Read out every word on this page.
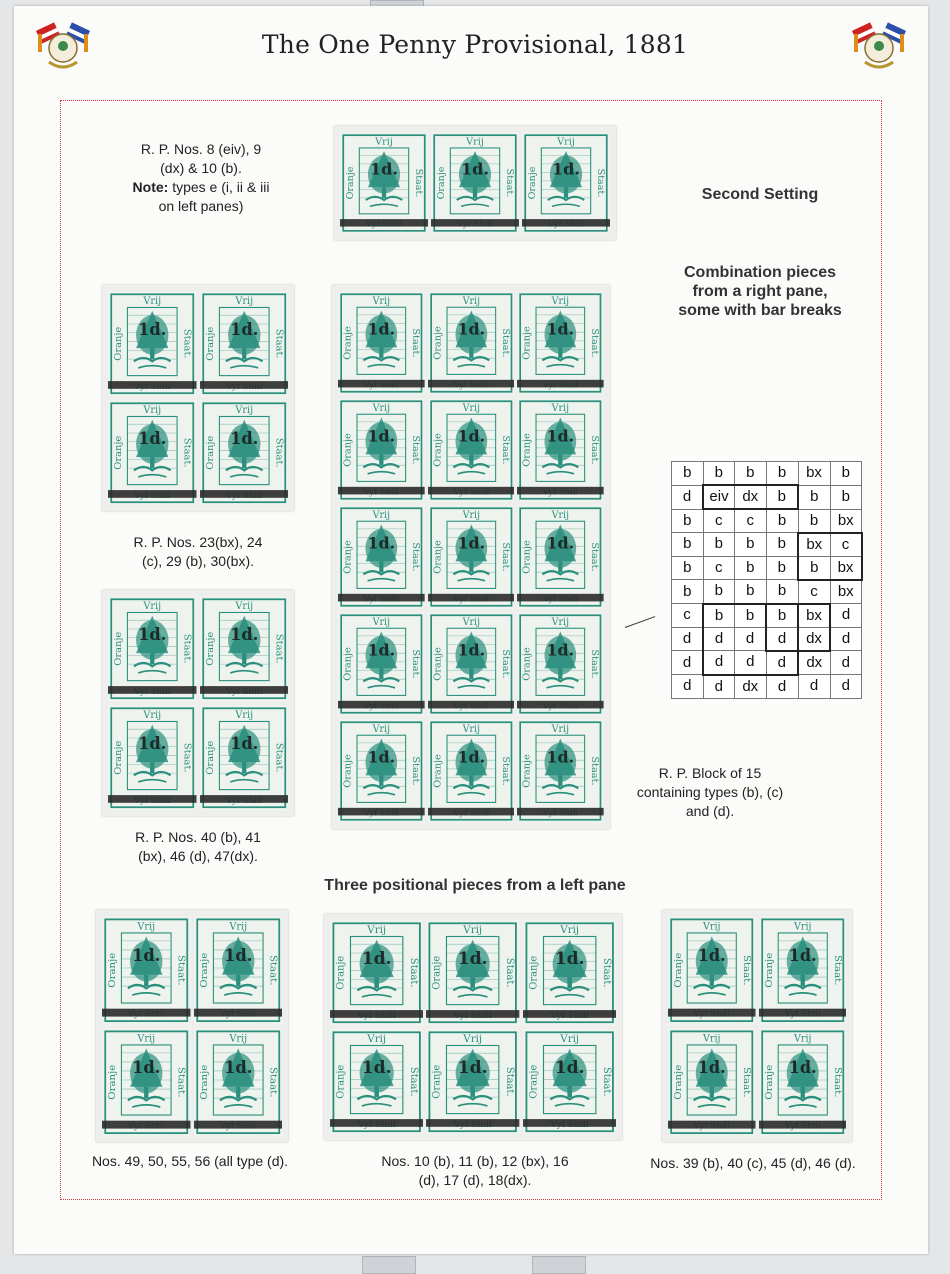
The One Penny Provisional, 1881
R. P. Nos. 8 (eiv), 9
(dx) & 10 (b).
Note: types e (i, ii & iii
on left panes)
Second Setting
Combination pieces
from a right pane,
some with bar breaks
Vrij
Oranje	Staat.
1d.
Vrij
Oranje	Staat.
1d.
Vrij
Oranje	Staat.
1d.
Vrij
Oranje	Staat.
1d.
Vrij
Oranje	Staat.
1d.
Vrij
Oranje	Staat.
1d.
Vrij
Oranje	Staat.
1d.
Vrij
Oranje	Staat.
1d.
Vrij
Oranje	Staat.
1d.
Vrij
Oranje	Staat.
1d.
Vrij
Oranje	Staat.
1d.
Vrij
Oranje	Staat.
1d.
Vrij
Oranje	Staat.
1d.
Vrij
Oranje	Staat.
1d.
Vrij
Oranje	Staat.
1d.
Vrij
Oranje	Staat.
1d.
Vrij
Oranje	Staat.
1d.
Vrij
Oranje	Staat.
1d.
Vrij
Oranje	Staat.
1d.
Vrij
Oranje	Staat.
1d.
Vrij
Oranje	Staat.
1d.
Vrij
Oranje	Staat.
1d.
Vrij
Oranje	Staat.
1d.
Vrij
Oranje	Staat.
1d.
Vrij
Oranje	Staat.
1d.
Vrij
Oranje	Staat.
1d.
Vrij
Oranje	Staat.
1d.
Vrij
Oranje	Staat.
1d.
Vrij
Oranje	Staat.
1d.
Vrij
Oranje	Staat.
1d.
Vrij
Oranje	Staat.
1d.
Vrij
Oranje	Staat.
1d.
Vrij
Oranje	Staat.
1d.
Vrij
Oranje	Staat.
1d.
Vrij
Oranje	Staat.
1d.
Vrij
Oranje	Staat.
1d.
Vrij
Oranje	Staat.
1d.
Vrij
Oranje	Staat.
1d.
Vrij
Oranje	Staat.
1d.
Vrij
Oranje	Staat.
1d.
R. P. Nos. 23(bx), 24
(c), 29 (b), 30(bx).
R. P. Nos. 40 (b), 41
(bx), 46 (d), 47(dx).
R. P. Block of 15
containing types (b), (c)
and (d).
Three positional pieces from a left pane
Nos. 49, 50, 55, 56 (all type (d).	Nos. 10 (b), 11 (b), 12 (bx), 16
(d), 17 (d), 18(dx).
Nos. 39 (b), 40 (c), 45 (d), 46 (d).
b	b	b	b	bx	b
d	eiv	dx	b	b	b
b	c	c	b	b	bx
b	b	b	b	bx	c
b	c	b	b	b	bx
b	b	b	b	c	bx
c	b	b	b	bx	d
d	d	d	d	dx	d
d	d	d	d	dx	d
d	d	dx	d	d	d
